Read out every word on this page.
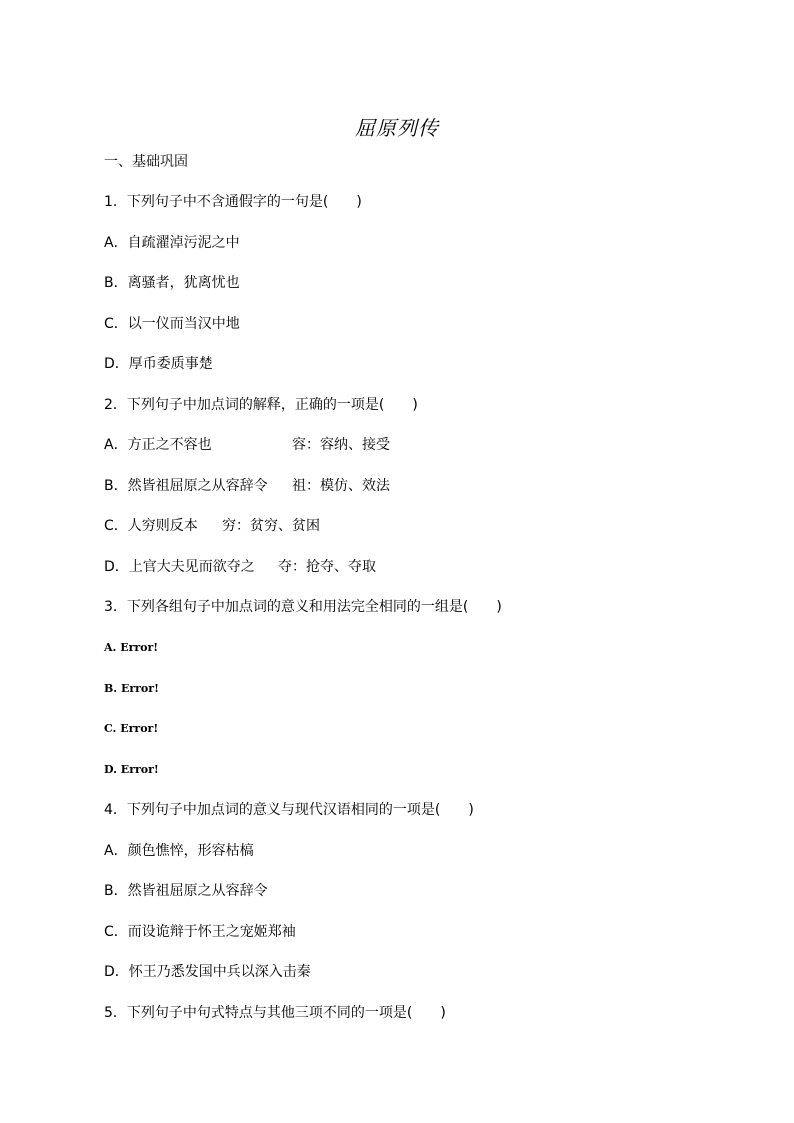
屈原列传
一、基础巩固
1．下列句子中不含通假字的一句是(　　)
A．自疏濯淖污泥之中
B．离骚者，犹离忧也
C．以一仪而当汉中地
D．厚币委质事楚
2．下列句子中加点词的解释，正确的一项是(　　)
A．方正之不容也	容：容纳、接受
B．然皆祖屈原之从容辞令 祖：模仿、效法
C．人穷则反本 穷：贫穷、贫困
D．上官大夫见而欲夺之 夺：抢夺、夺取
3．下列各组句子中加点词的意义和用法完全相同的一组是(　　)
A. Error!
B. Error!
C. Error!
D. Error!
4．下列句子中加点词的意义与现代汉语相同的一项是(　　)
A．颜色憔悴，形容枯槁
B．然皆祖屈原之从容辞令
C．而设诡辩于怀王之宠姬郑袖
D．怀王乃悉发国中兵以深入击秦
5．下列句子中句式特点与其他三项不同的一项是(　　)
